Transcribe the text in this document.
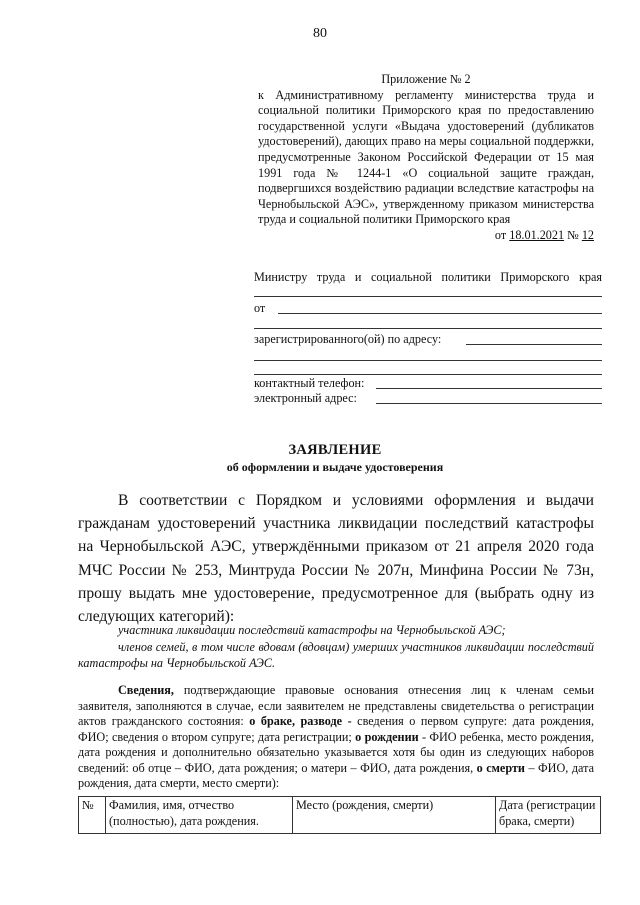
80
Приложение № 2
к Административному регламенту министерства труда и социальной политики Приморского края по предоставлению государственной услуги «Выдача удостоверений (дубликатов удостоверений), дающих право на меры социальной поддержки, предусмотренные Законом Российской Федерации от 15 мая 1991 года № 1244-1 «О социальной защите граждан, подвергшихся воздействию радиации вследствие катастрофы на Чернобыльской АЭС», утвержденному приказом министерства труда и социальной политики Приморского края
от 18.01.2021 № 12
Министру труда и социальной политики Приморского края
от
зарегистрированного(ой) по адресу:
контактный телефон:
электронный адрес:
ЗАЯВЛЕНИЕ
об оформлении и выдаче удостоверения
В соответствии с Порядком и условиями оформления и выдачи гражданам удостоверений участника ликвидации последствий катастрофы на Чернобыльской АЭС, утверждёнными приказом от 21 апреля 2020 года МЧС России № 253, Минтруда России № 207н, Минфина России № 73н, прошу выдать мне удостоверение, предусмотренное для (выбрать одну из следующих категорий):
участника ликвидации последствий катастрофы на Чернобыльской АЭС;
членов семей, в том числе вдовам (вдовцам) умерших участников ликвидации последствий катастрофы на Чернобыльской АЭС.
Сведения, подтверждающие правовые основания отнесения лиц к членам семьи заявителя, заполняются в случае, если заявителем не представлены свидетельства о регистрации актов гражданского состояния: о браке, разводе - сведения о первом супруге: дата рождения, ФИО; сведения о втором супруге; дата регистрации; о рождении - ФИО ребенка, место рождения, дата рождения и дополнительно обязательно указывается хотя бы один из следующих наборов сведений: об отце – ФИО, дата рождения; о матери – ФИО, дата рождения, о смерти – ФИО, дата рождения, дата смерти, место смерти):
№	Фамилия, имя, отчество (полностью), дата рождения.	Место (рождения, смерти)	Дата (регистрации брака, смерти)
